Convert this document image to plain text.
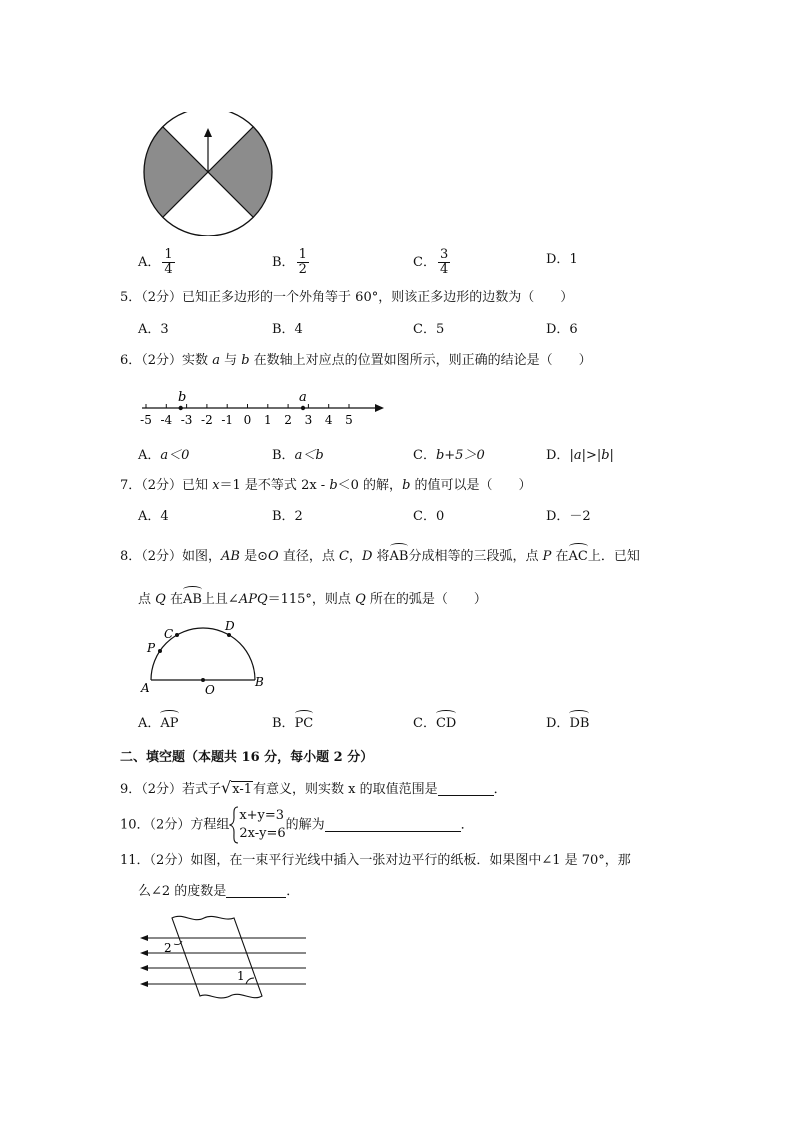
A． $\frac{1}{4}$	B． $\frac{1}{2}$	C． $\frac{3}{4}$	D．1
5．（2分）已知正多边形的一个外角等于 60°，则该正多边形的边数为（　　）
A．3	B．4	C．5	D．6
6．（2分）实数 a 与 b 在数轴上对应点的位置如图所示，则正确的结论是（　　）
-5 -4 -3 -2 -1 0 1 2 3 4 5
b	a
A．a＜0	B．a＜b	C．b+5＞0	D．|a|>|b|
7．（2分）已知 x＝1 是不等式 2x - b＜0 的解，b 的值可以是（　　）
A．4	B．2	C．0	D．－2
8．（2分）如图，AB 是⊙O 直径，点 C，D 将AB分成相等的三段弧，点 P 在AC上．已知
点 Q 在AB上且∠APQ＝115°，则点 Q 所在的弧是（　　）
A	B
P
C
D
O
A．AP	B．PC	C．CD	D．DB
二、填空题（本题共 16 分，每小题 2 分）
9．（2分）若式子√x-1有意义，则实数 x 的取值范围是	．
10．（2分）方程组
x+y=3
2x-y=6
的解为	．
11．（2分）如图，在一束平行光线中插入一张对边平行的纸板．如果图中∠1 是 70°，那
么∠2 的度数是	．
2
1
